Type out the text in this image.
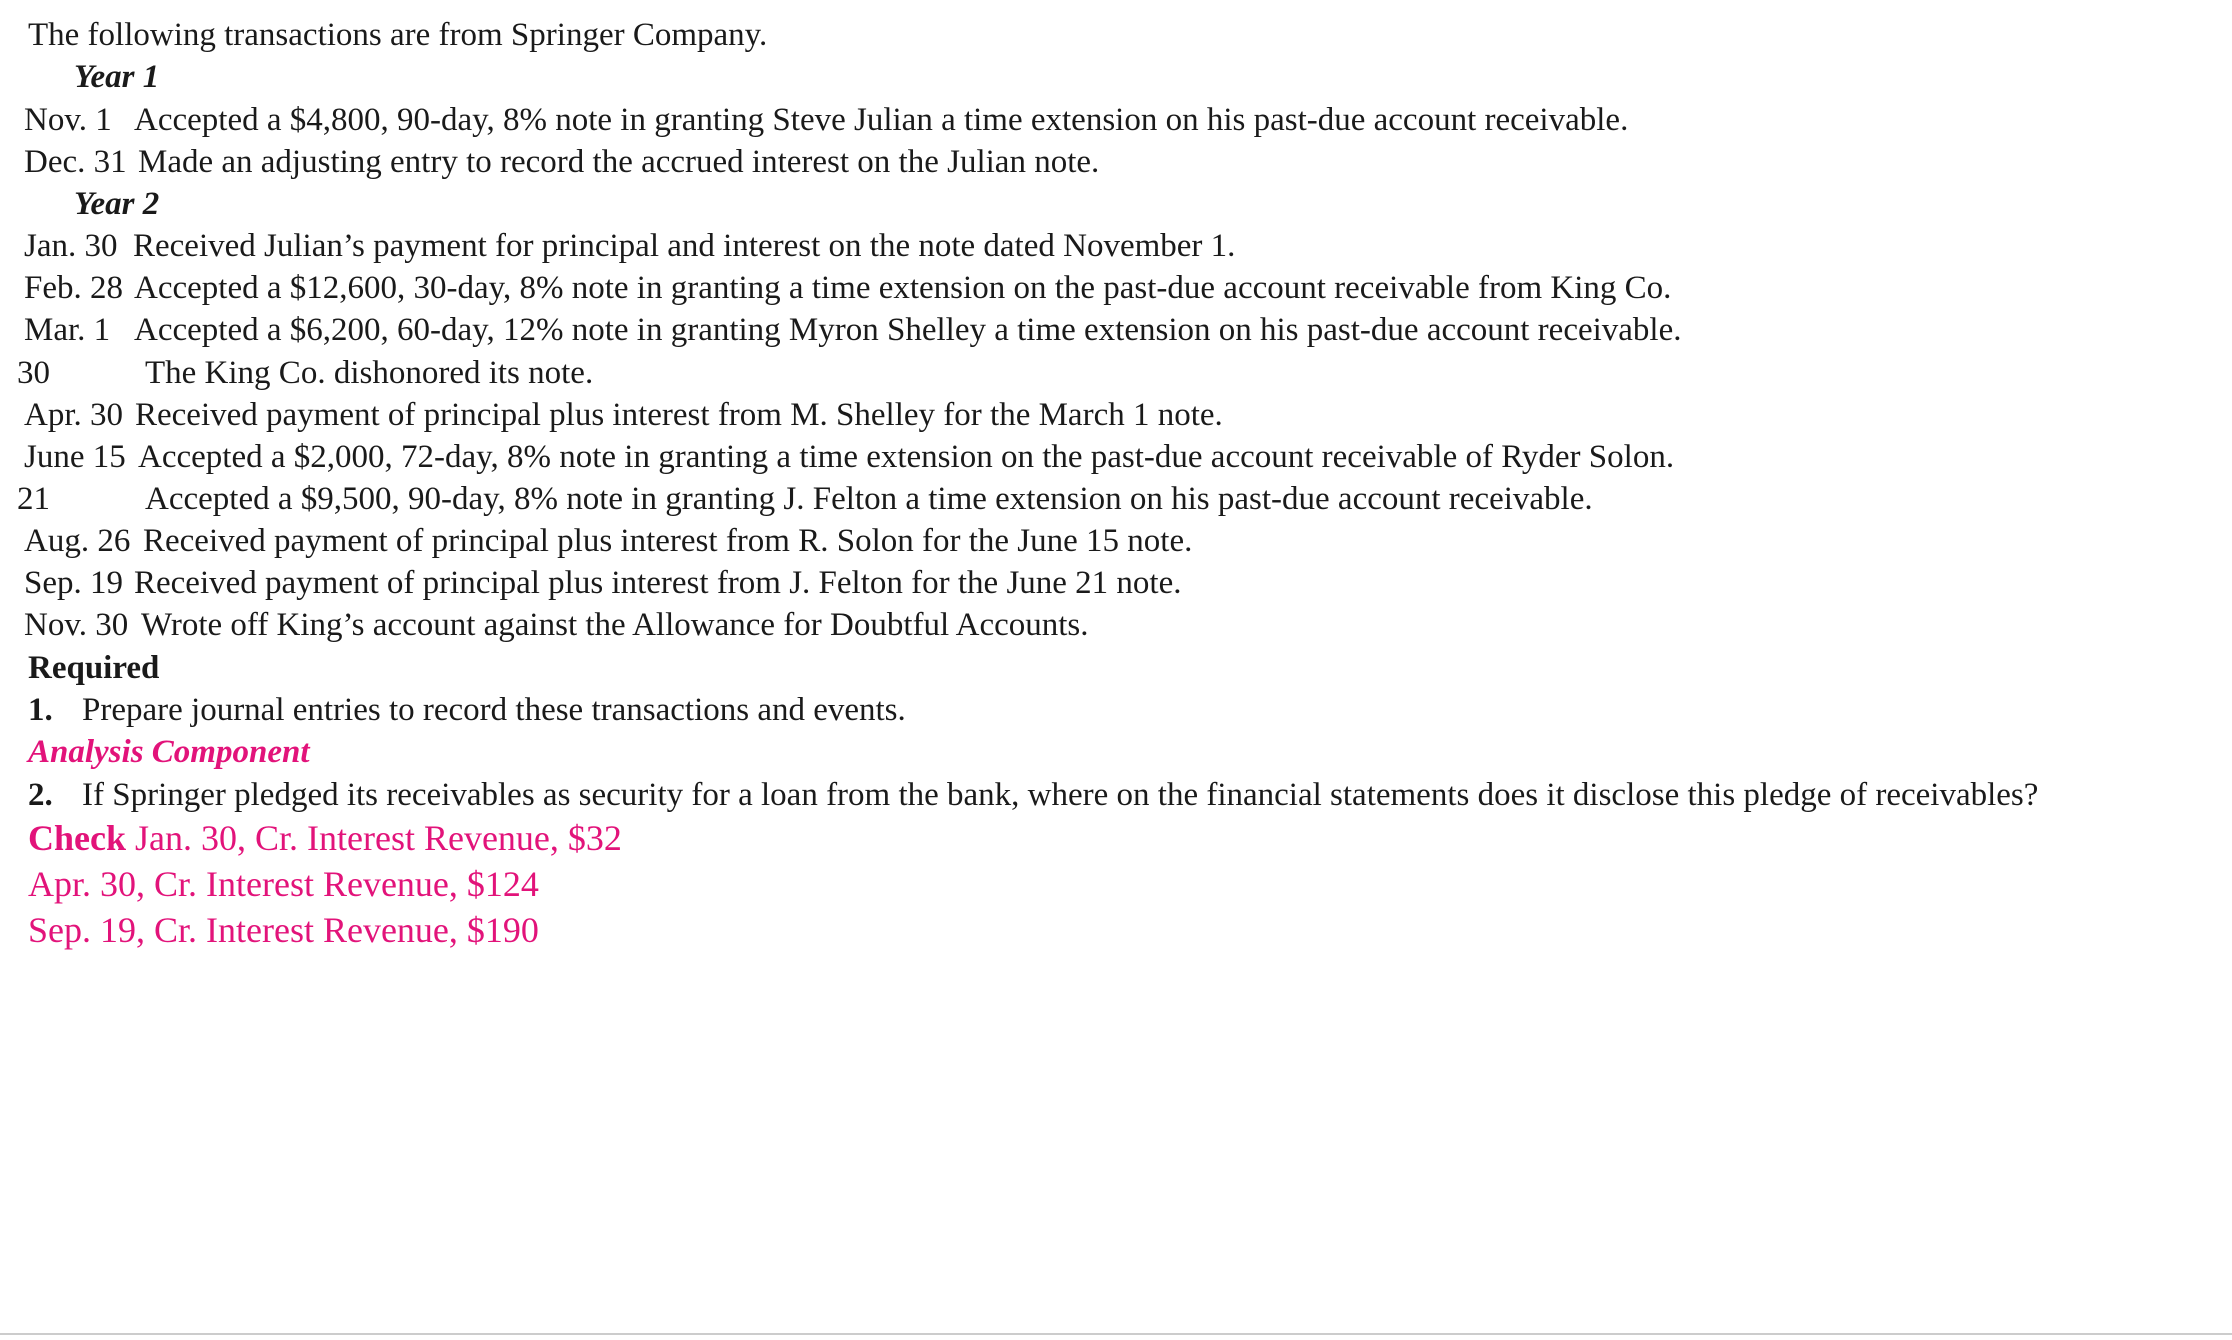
The following transactions are from Springer Company.
Year 1
Nov. 1 Accepted a $4,800, 90-day, 8% note in granting Steve Julian a time extension on his past-due account receivable.
Dec. 31 Made an adjusting entry to record the accrued interest on the Julian note.
Year 2
Jan. 30 Received Julian’s payment for principal and interest on the note dated November 1.
Feb. 28 Accepted a $12,600, 30-day, 8% note in granting a time extension on the past-due account receivable from King Co.
Mar. 1 Accepted a $6,200, 60-day, 12% note in granting Myron Shelley a time extension on his past-due account receivable.
30	The King Co. dishonored its note.
Apr. 30 Received payment of principal plus interest from M. Shelley for the March 1 note.
June 15 Accepted a $2,000, 72-day, 8% note in granting a time extension on the past-due account receivable of Ryder Solon.
21	Accepted a $9,500, 90-day, 8% note in granting J. Felton a time extension on his past-due account receivable.
Aug. 26 Received payment of principal plus interest from R. Solon for the June 15 note.
Sep. 19 Received payment of principal plus interest from J. Felton for the June 21 note.
Nov. 30 Wrote off King’s account against the Allowance for Doubtful Accounts.
Required
1. Prepare journal entries to record these transactions and events.
Analysis Component
2. If Springer pledged its receivables as security for a loan from the bank, where on the financial statements does it disclose this pledge of receivables?
Check Jan. 30, Cr. Interest Revenue, $32
Apr. 30, Cr. Interest Revenue, $124
Sep. 19, Cr. Interest Revenue, $190
